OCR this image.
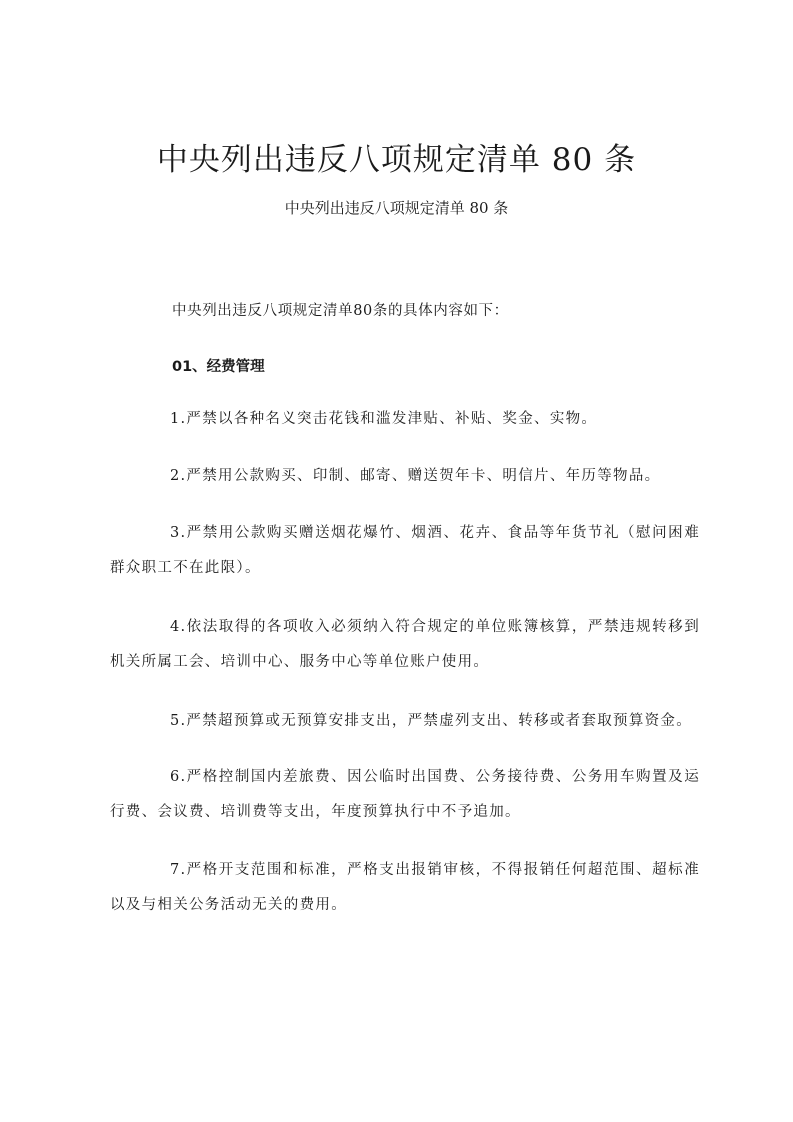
中央列出违反八项规定清单 80 条

中央列出违反八项规定清单 80 条

中央列出违反八项规定清单80条的具体内容如下：

01、经费管理

1.严禁以各种名义突击花钱和滥发津贴、补贴、奖金、实物。

2.严禁用公款购买、印制、邮寄、赠送贺年卡、明信片、年历等物品。

3.严禁用公款购买赠送烟花爆竹、烟酒、花卉、食品等年货节礼（慰问困难群众职工不在此限）。

4.依法取得的各项收入必须纳入符合规定的单位账簿核算，严禁违规转移到机关所属工会、培训中心、服务中心等单位账户使用。

5.严禁超预算或无预算安排支出，严禁虚列支出、转移或者套取预算资金。

6.严格控制国内差旅费、因公临时出国费、公务接待费、公务用车购置及运行费、会议费、培训费等支出，年度预算执行中不予追加。

7.严格开支范围和标准，严格支出报销审核，不得报销任何超范围、超标准以及与相关公务活动无关的费用。
